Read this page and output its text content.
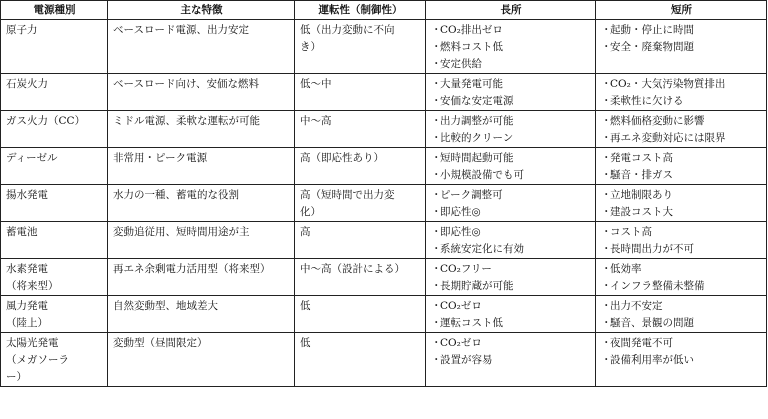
電源種別	主な特徴	運転性（制御性）	長所	短所

原子力	ベースロード電源、出力安定	低（出力変動に不向
き）	・CO₂排出ゼロ
・燃料コスト低
・安定供給	・起動・停止に時間
・安全・廃棄物問題

石炭火力	ベースロード向け、安価な燃料	低〜中	・大量発電可能
・安価な安定電源	・CO₂・大気汚染物質排出
・柔軟性に欠ける

ガス火力（CC）	ミドル電源、柔軟な運転が可能	中〜高	・出力調整が可能
・比較的クリーン	・燃料価格変動に影響
・再エネ変動対応には限界

ディーゼル	非常用・ピーク電源	高（即応性あり）	・短時間起動可能
・小規模設備でも可	・発電コスト高
・騒音・排ガス

揚水発電	水力の一種、蓄電的な役割	高（短時間で出力変
化）	・ピーク調整可
・即応性◎	・立地制限あり
・建設コスト大

蓄電池	変動追従用、短時間用途が主	高	・即応性◎
・系統安定化に有効	・コスト高
・長時間出力が不可

水素発電
（将来型）	再エネ余剰電力活用型（将来型）	中〜高（設計による）	・CO₂フリー
・長期貯蔵が可能	・低効率
・インフラ整備未整備

風力発電
（陸上）	自然変動型、地域差大	低	・CO₂ゼロ
・運転コスト低	・出力不安定
・騒音、景観の問題

太陽光発電
（メガソーラ
ー）	変動型（昼間限定）	低	・CO₂ゼロ
・設置が容易	・夜間発電不可
・設備利用率が低い
